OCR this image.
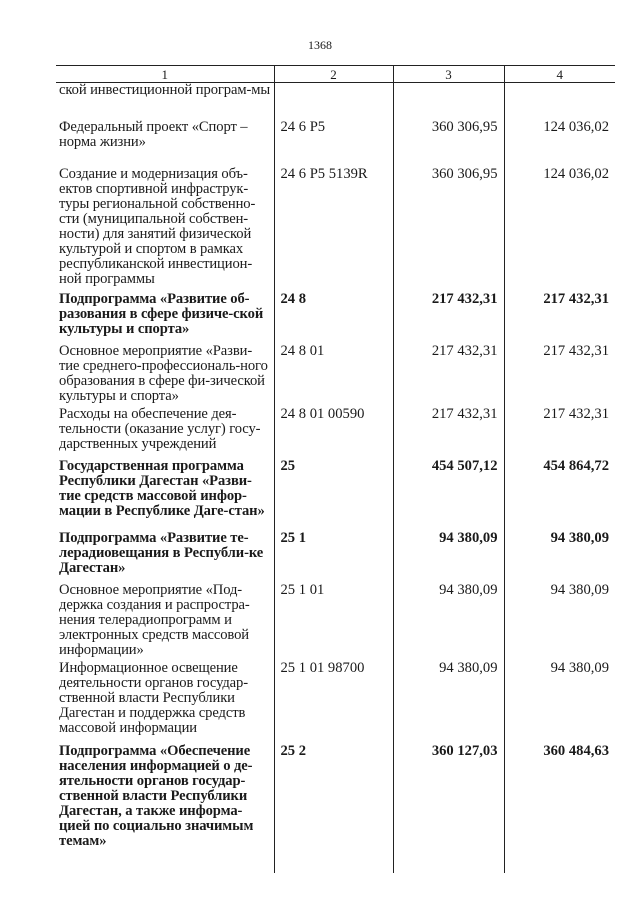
1368
1	2	3	4
ской инвестиционной програм-мы			
Федеральный проект «Спорт – норма жизни»	24 6 P5	360 306,95	124 036,02
Создание и модернизация объ-ектов спортивной инфраструк-туры региональной собственно-сти (муниципальной собствен-ности) для занятий физической культурой и спортом в рамках республиканской инвестицион-ной программы	24 6 P5 5139R	360 306,95	124 036,02
Подпрограмма «Развитие об-разования в сфере физиче-ской культуры и спорта»	24 8	217 432,31	217 432,31
Основное мероприятие «Разви-тие среднего-профессиональ-ного образования в сфере фи-зической культуры и спорта»	24 8 01	217 432,31	217 432,31
Расходы на обеспечение дея-тельности (оказание услуг) госу-дарственных учреждений	24 8 01 00590	217 432,31	217 432,31
Государственная программа Республики Дагестан «Разви-тие средств массовой инфор-мации в Республике Даге-стан»	25	454 507,12	454 864,72
Подпрограмма «Развитие те-лерадиовещания в Республи-ке Дагестан»	25 1	94 380,09	94 380,09
Основное мероприятие «Под-держка создания и распростра-нения телерадиопрограмм и электронных средств массовой информации»	25 1 01	94 380,09	94 380,09
Информационное освещение деятельности органов государ-ственной власти Республики Дагестан и поддержка средств массовой информации	25 1 01 98700	94 380,09	94 380,09
Подпрограмма «Обеспечение населения информацией о де-ятельности органов государ-ственной власти Республики Дагестан, а также информа-цией по социально значимым темам»	25 2	360 127,03	360 484,63
